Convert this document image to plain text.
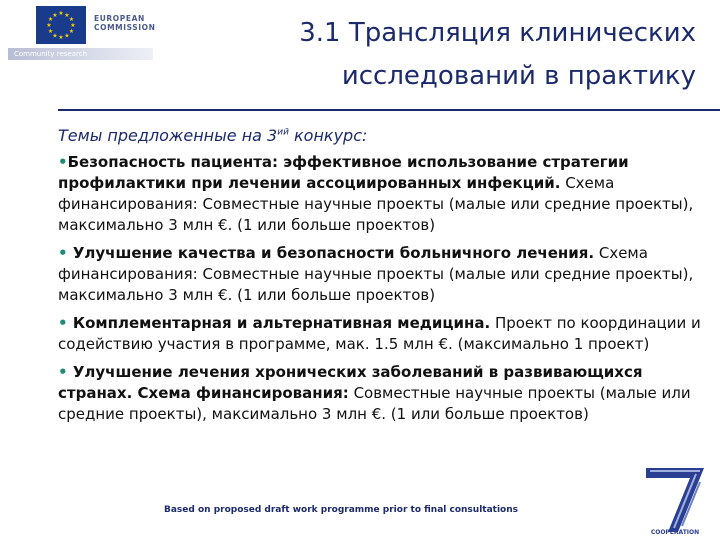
★ ★
★
★
★
★
★
★
★
★
★
★	EUROPEAN
COMMISSION
Community research
3.1 Трансляция клинических
исследований в практику
Темы предложенные на $3^{ий}$ конкурс:
•Безопасность пациента: эффективное использование стратегии профилактики при лечении ассоциированных инфекций. Схема финансирования: Совместные научные проекты (малые или средние проекты), максимально 3 млн €. (1 или больше проектов)
• Улучшение качества и безопасности больничного лечения. Схема финансирования: Совместные научные проекты (малые или средние проекты), максимально 3 млн €. (1 или больше проектов)
• Комплементарная и альтернативная медицина. Проект по координации и содействию участия в программе, мак. 1.5 млн €. (максимально 1 проект)
• Улучшение лечения хронических заболеваний в развивающихся странах. Схема финансирования: Совместные научные проекты (малые или средние проекты), максимально 3 млн €. (1 или больше проектов)
Based on proposed draft work programme prior to final consultations
COOPERATION
